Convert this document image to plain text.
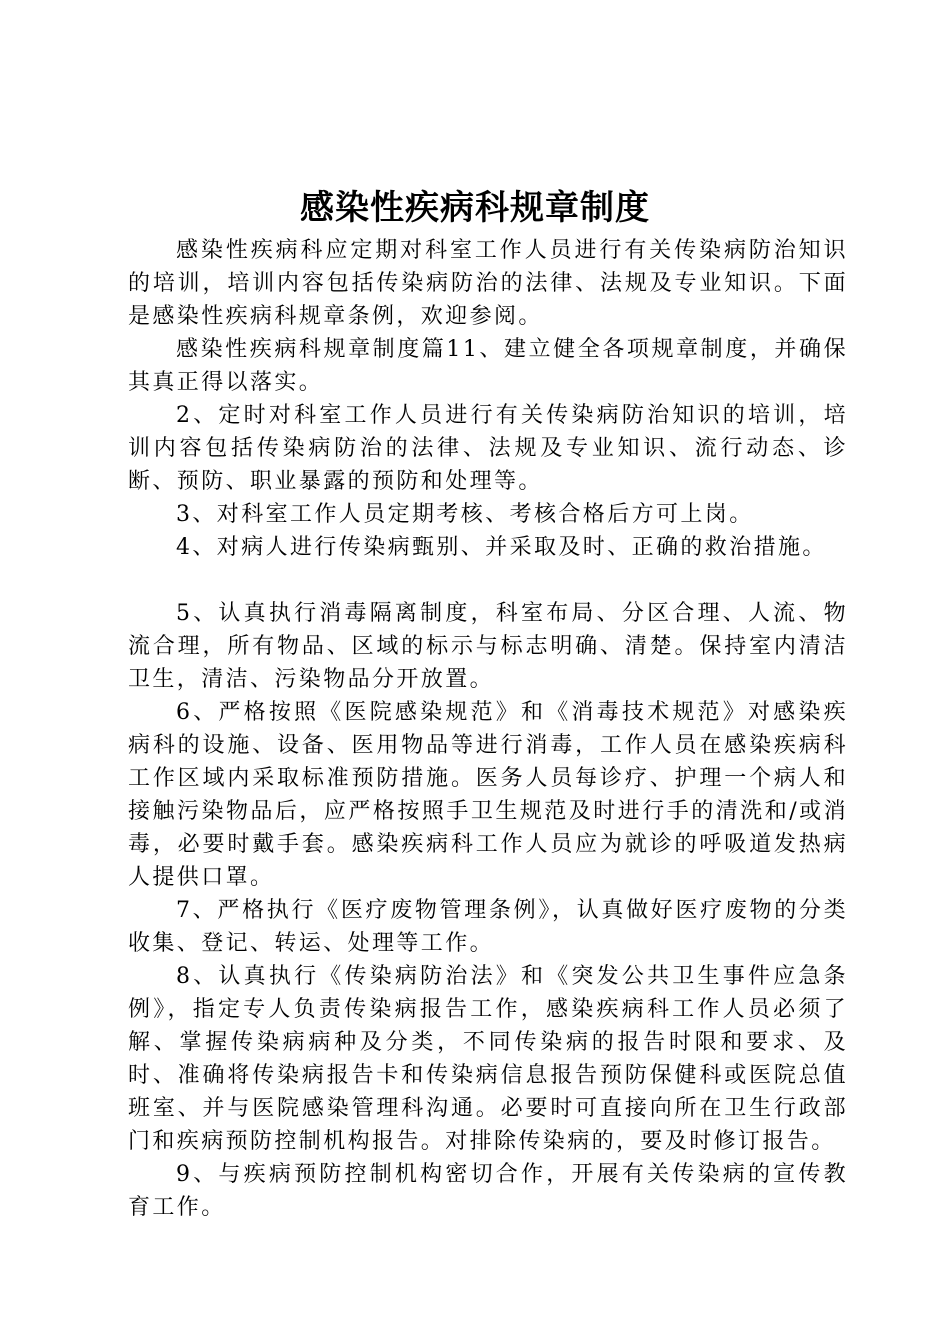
感染性疾病科规章制度

感染性疾病科应定期对科室工作人员进行有关传染病防治知识的培训，培训内容包括传染病防治的法律、法规及专业知识。下面是感染性疾病科规章条例，欢迎参阅。

感染性疾病科规章制度篇11、建立健全各项规章制度，并确保其真正得以落实。

2、定时对科室工作人员进行有关传染病防治知识的培训，培训内容包括传染病防治的法律、法规及专业知识、流行动态、诊断、预防、职业暴露的预防和处理等。

3、对科室工作人员定期考核、考核合格后方可上岗。

4、对病人进行传染病甄别、并采取及时、正确的救治措施。

5、认真执行消毒隔离制度，科室布局、分区合理、人流、物流合理，所有物品、区域的标示与标志明确、清楚。保持室内清洁卫生，清洁、污染物品分开放置。

6、严格按照《医院感染规范》和《消毒技术规范》对感染疾病科的设施、设备、医用物品等进行消毒，工作人员在感染疾病科工作区域内采取标准预防措施。医务人员每诊疗、护理一个病人和接触污染物品后，应严格按照手卫生规范及时进行手的清洗和/或消毒，必要时戴手套。感染疾病科工作人员应为就诊的呼吸道发热病人提供口罩。

7、严格执行《医疗废物管理条例》，认真做好医疗废物的分类收集、登记、转运、处理等工作。

8、认真执行《传染病防治法》和《突发公共卫生事件应急条例》，指定专人负责传染病报告工作，感染疾病科工作人员必须了解、掌握传染病病种及分类，不同传染病的报告时限和要求、及时、准确将传染病报告卡和传染病信息报告预防保健科或医院总值班室、并与医院感染管理科沟通。必要时可直接向所在卫生行政部门和疾病预防控制机构报告。对排除传染病的，要及时修订报告。

9、与疾病预防控制机构密切合作，开展有关传染病的宣传教育工作。
